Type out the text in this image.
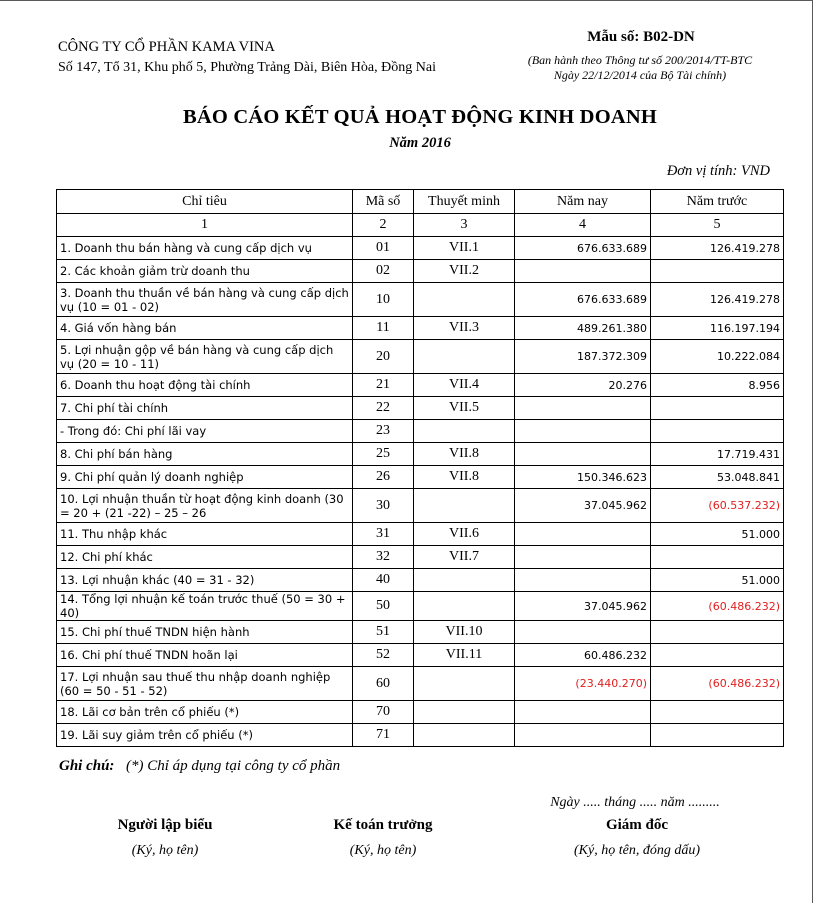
CÔNG TY CỔ PHẦN KAMA VINA
Số 147, Tổ 31, Khu phố 5, Phường Trảng Dài, Biên Hòa, Đồng Nai
Mẫu số: B02-DN
(Ban hành theo Thông tư số 200/2014/TT-BTC
Ngày 22/12/2014 của Bộ Tài chính)
BÁO CÁO KẾT QUẢ HOẠT ĐỘNG KINH DOANH
Năm 2016
Đơn vị tính: VND
Chỉ tiêu	Mã số	Thuyết minh	Năm nay	Năm trước
1	2	3	4	5
1. Doanh thu bán hàng và cung cấp dịch vụ	01	VII.1	676.633.689	126.419.278
2. Các khoản giảm trừ doanh thu	02	VII.2		
3. Doanh thu thuần về bán hàng và cung cấp dịch vụ (10 = 01 - 02)	10		676.633.689	126.419.278
4. Giá vốn hàng bán	11	VII.3	489.261.380	116.197.194
5. Lợi nhuận gộp về bán hàng và cung cấp dịch vụ (20 = 10 - 11)	20		187.372.309	10.222.084
6. Doanh thu hoạt động tài chính	21	VII.4	20.276	8.956
7. Chi phí tài chính	22	VII.5		
- Trong đó: Chi phí lãi vay	23			
8. Chi phí bán hàng	25	VII.8		17.719.431
9. Chi phí quản lý doanh nghiệp	26	VII.8	150.346.623	53.048.841
10. Lợi nhuận thuần từ hoạt động kinh doanh (30 = 20 + (21 -22) – 25 – 26	30		37.045.962	(60.537.232)
11. Thu nhập khác	31	VII.6		51.000
12. Chi phí khác	32	VII.7		
13. Lợi nhuận khác (40 = 31 - 32)	40			51.000
14. Tổng lợi nhuận kế toán trước thuế (50 = 30 + 40)	50		37.045.962	(60.486.232)
15. Chi phí thuế TNDN hiện hành	51	VII.10		
16. Chi phí thuế TNDN hoãn lại	52	VII.11	60.486.232	
17. Lợi nhuận sau thuế thu nhập doanh nghiệp (60 = 50 - 51 - 52)	60		(23.440.270)	(60.486.232)
18. Lãi cơ bản trên cổ phiếu (*)	70			
19. Lãi suy giảm trên cổ phiếu (*)	71			
Ghi chú: (*) Chỉ áp dụng tại công ty cổ phần
Ngày ..... tháng ..... năm .........
Người lập biểu
(Ký, họ tên)
Kế toán trưởng
(Ký, họ tên)
Giám đốc
(Ký, họ tên, đóng dấu)
